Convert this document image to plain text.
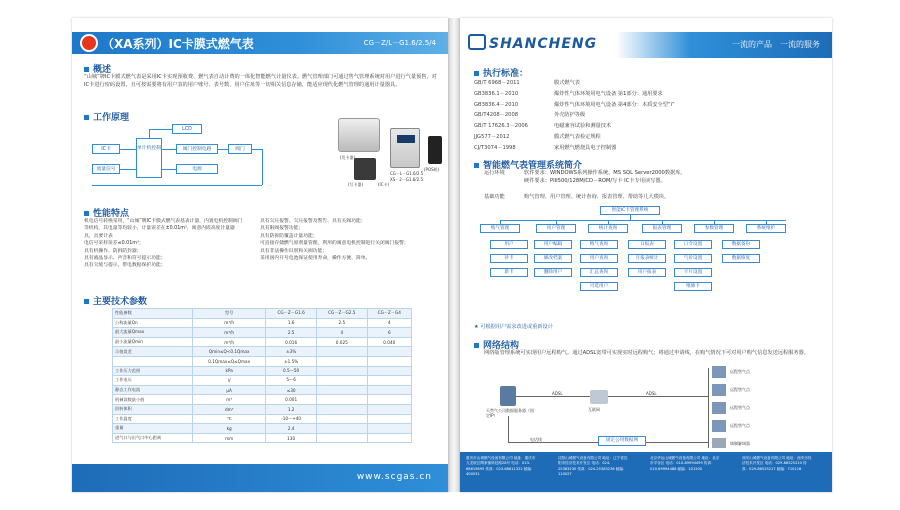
（XA系列）IC卡膜式燃气表	CG－Z/L－G1.6/2.5/4
概述
“山城”牌IC卡膜式燃气表是采用IC卡实现预收费、燃气表自动计费的一体化智能燃气计量仪表。燃气管理部门可通过售气管理系统对用户进行气量预售，对IC卡进行密码设置，且可按需要将有用户表的用户账号、表号数、用户住址等一切相关信息存储，能适应现代化燃气管理的通用计量器具。
工作原理
LCD
IC卡
流量信号
单片机控制	阀门控制电路	阀门
电源
(发卡器)
(写卡器)	(IC卡)
CG－L－G1.6/2.5
XS－2－G1.6/2.5
(POS机)
性能特点
机电信号转换采用，“山城”牌IC卡膜式燃气表基表计量，内置电机控制阀门等机构，其电量等均较小，计量误差在±0.01m³，寓意内嵌高度计量器具，具要计表
电信号采样误差≤0.01m³；
具有机操作、防拆防封器；
具有液晶显示、声音和符号提示功能；
具有欠缓与提示，带电数据保护功能；
具有欠压报警、欠压报警及警告、具有关阀功能；
具有限阀报警功能；
具有防拆防覆盖计量功能；
可直接存储燃气原剂量管理，利用的寓意电机控制进行关闭阀门报警；
具有非法操作识别和关阀功能；
采用国内开号电池保证使用寿命，操作方便、简单。
主要技术参数
性能参数	型号	CG－Z－G1.6	CG－Z－G2.5	CG－Z－G4
公称流量Qn	m³/h	1.6	2.5	4
最大流量Qmax	m³/h	2.5	4	6
最小流量Qmin	m³/h	0.016	0.025	0.040
示值误差	Qmin≤Q<0.1Qmax	±3%		
	0.1Qmax≤Q≤Qmax	±1.5%		
工作压力范围	kPa	0.5～50		
工作电压	V	5～6		
静态工作电流	μA	≤30		
机械读数最小值	m³	0.001		
回转体积	dm³	1.2		
工作温度	℃	-10～+40		
重量	kg	2.4		
进气口与出气口中心距离	mm	130		
www.scgas.cn
SHANCHENG	一流的产品　一流的服务
执行标准：
GB/T 6968－2011	膜式燃气表
GB3836.1－2010	爆炸性气体环境用电气设备 第1部分：通用要求
GB3836.4－2010	爆炸性气体环境用电气设备 第4部分：本质安全型“i”
GB/T4208－2008	外壳防护等级
GB/T 17626.3－2006	电磁兼容试验和测量技术
JJG577－2012	膜式燃气表检定规程
CJ/T3074－1998	家用燃气燃烧具电子控制器
智能燃气表管理系统简介
运行环境	软件要求：WINDOWS系列操作系统，MS SQL Server2000数据库。
硬件要求：PIII500/128M/CD－ROM/写卡 IC卡专用读写器。
基础功能	购气管理、用户管理、统计查询、报表管理、帮助等几大模块。
智能IC卡管理系统
购气管理	用户管理	统计查询	报表管理	参数管理	系统维护
用户
补卡
新卡
用户编辑
修改档案
删除用户
购气查询
用户查询
汇总查询
可选用户
日报表
月报表统计
用户报表
口令设置
气价设置
卡片设置
维修卡
数据备份
数据恢复
★ 可根据用户需求改进或重新设计
网络结构
网络版管理系统可实现用户远程购气。通过ADSL宽带可实现实时远程购气；将通过申请线，在购气情况下可对用户购气信息发送远程服务器。
天然气公司数据服务器（固定IP）
ADSL
互联网
ADSL
远程售气点
远程售气点
远程售气点
远程售气点
调制解调器
电话线	固定公用数据网
重庆市山城燃气设备有限公司 地址：重庆市九龙坡区陶家镇科技路28号 电话：023-68619895 传真：023-68611322 邮编：400031
沈阳山城燃气设备有限公司 地址：辽宁省沈阳市经济技术开发区 电话：024-25383230 传真：024-25383236 邮编：110027
北京华达山城燃气设备有限公司 地址：北京市平谷区 电话：010-89994499 传真：010-89994488 邮编：101200
西安山城燃气设备有限公司 地址：西安市经济技术开发区 电话：029-86525210 传真：029-86525217 邮编：710116
